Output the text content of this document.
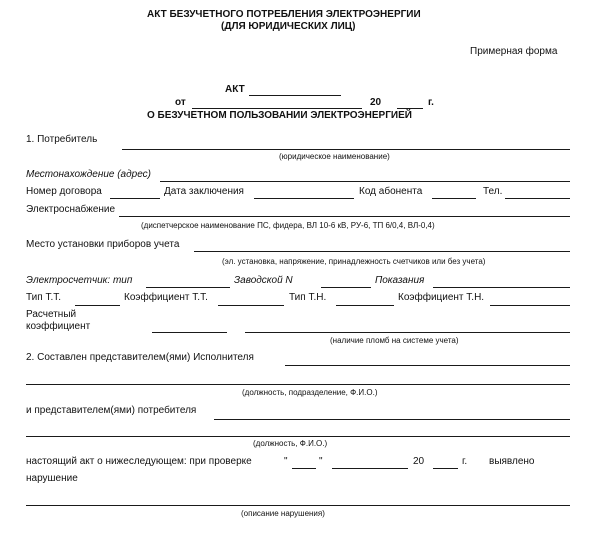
АКТ БЕЗУЧЕТНОГО ПОТРЕБЛЕНИЯ ЭЛЕКТРОЭНЕРГИИ
(ДЛЯ ЮРИДИЧЕСКИХ ЛИЦ)
Примерная форма
АКТ
от	20	г.
О БЕЗУЧЕТНОМ ПОЛЬЗОВАНИИ ЭЛЕКТРОЭНЕРГИЕЙ
1. Потребитель
(юридическое наименование)
Местонахождение (адрес)
Номер договора	Дата заключения	Код абонента	Тел.
Электроснабжение
(диспетчерское наименование ПС, фидера, ВЛ 10-6 кВ, РУ-6, ТП 6/0,4, ВЛ-0,4)
Место установки приборов учета
(эл. установка, напряжение, принадлежность счетчиков или без учета)
Электросчетчик: тип	Заводской N	Показания
Тип Т.Т.	Коэффициент Т.Т.	Тип Т.Н.	Коэффициент Т.Н.
Расчетный
коэффициент
(наличие пломб на системе учета)
2. Составлен представителем(ями) Исполнителя
(должность, подразделение, Ф.И.О.)
и представителем(ями) потребителя
(должность, Ф.И.О.)
настоящий акт о нижеследующем: при проверке	"	"	20	г. выявлено
нарушение
(описание нарушения)
